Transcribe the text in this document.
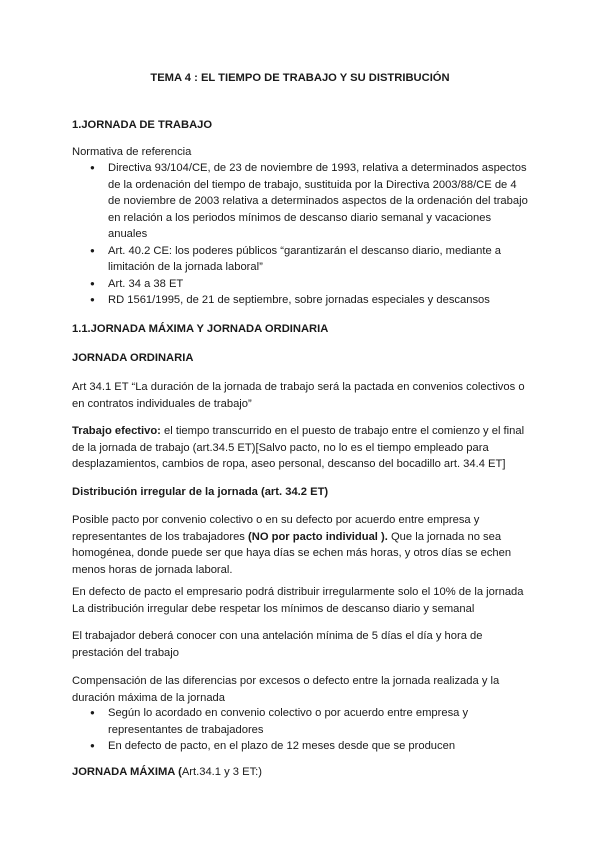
TEMA 4 : EL TIEMPO DE TRABAJO Y SU DISTRIBUCIÓN
1.JORNADA DE TRABAJO
Normativa de referencia
● Directiva 93/104/CE, de 23 de noviembre de 1993, relativa a determinados aspectos de la ordenación del tiempo de trabajo, sustituida por la Directiva 2003/88/CE de 4 de noviembre de 2003 relativa a determinados aspectos de la ordenación del trabajo en relación a los periodos mínimos de descanso diario semanal y vacaciones anuales
● Art. 40.2 CE: los poderes públicos “garantizarán el descanso diario, mediante a limitación de la jornada laboral”
● Art. 34 a 38 ET
● RD 1561/1995, de 21 de septiembre, sobre jornadas especiales y descansos
1.1.JORNADA MÁXIMA Y JORNADA ORDINARIA
JORNADA ORDINARIA
Art 34.1 ET “La duración de la jornada de trabajo será la pactada en convenios colectivos o en contratos individuales de trabajo”
Trabajo efectivo: el tiempo transcurrido en el puesto de trabajo entre el comienzo y el final de la jornada de trabajo (art.34.5 ET)[Salvo pacto, no lo es el tiempo empleado para desplazamientos, cambios de ropa, aseo personal, descanso del bocadillo art. 34.4 ET]
Distribución irregular de la jornada (art. 34.2 ET)
Posible pacto por convenio colectivo o en su defecto por acuerdo entre empresa y representantes de los trabajadores (NO por pacto individual ). Que la jornada no sea homogénea, donde puede ser que haya días se echen más horas, y otros días se echen menos horas de jornada laboral.
En defecto de pacto el empresario podrá distribuir irregularmente solo el 10% de la jornada
La distribución irregular debe respetar los mínimos de descanso diario y semanal
El trabajador deberá conocer con una antelación mínima de 5 días el día y hora de prestación del trabajo
Compensación de las diferencias por excesos o defecto entre la jornada realizada y la duración máxima de la jornada
● Según lo acordado en convenio colectivo o por acuerdo entre empresa y representantes de trabajadores
● En defecto de pacto, en el plazo de 12 meses desde que se producen
JORNADA MÁXIMA (Art.34.1 y 3 ET:)
